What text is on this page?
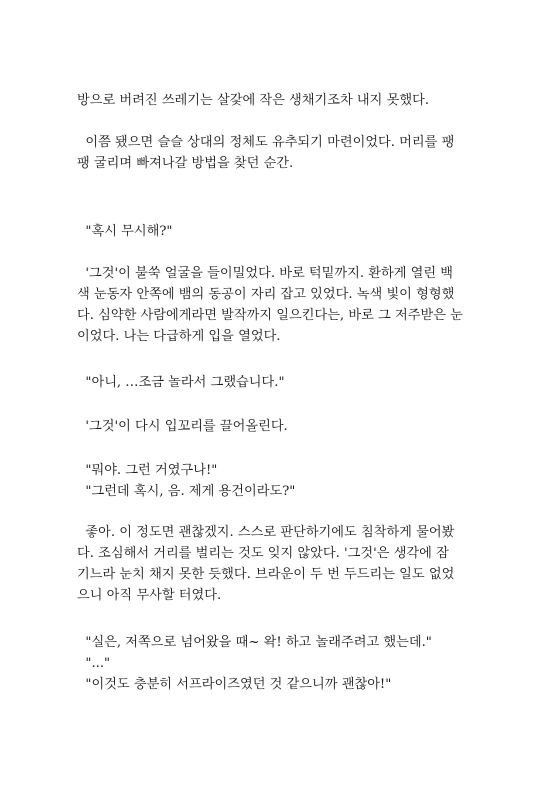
방으로 버려진 쓰레기는 살갗에 작은 생채기조차 내지 못했다.
이쯤 됐으면 슬슬 상대의 정체도 유추되기 마련이었다. 머리를 팽
팽 굴리며 빠져나갈 방법을 찾던 순간.
"혹시 무시해?"
'그것'이 불쑥 얼굴을 들이밀었다. 바로 턱밑까지. 환하게 열린 백
색 눈동자 안쪽에 뱀의 동공이 자리 잡고 있었다. 녹색 빛이 형형했
다. 심약한 사람에게라면 발작까지 일으킨다는, 바로 그 저주받은 눈
이었다. 나는 다급하게 입을 열었다.
"아니, …조금 놀라서 그랬습니다."
'그것'이 다시 입꼬리를 끌어올린다.
"뭐야. 그런 거였구나!"
"그런데 혹시, 음. 제게 용건이라도?"
좋아. 이 정도면 괜찮겠지. 스스로 판단하기에도 침착하게 물어봤
다. 조심해서 거리를 벌리는 것도 잊지 않았다. '그것'은 생각에 잠
기느라 눈치 채지 못한 듯했다. 브라운이 두 번 두드리는 일도 없었
으니 아직 무사할 터였다.
"실은, 저쪽으로 넘어왔을 때~ 왁! 하고 놀래주려고 했는데."
"..."
"이것도 충분히 서프라이즈였던 것 같으니까 괜찮아!"
